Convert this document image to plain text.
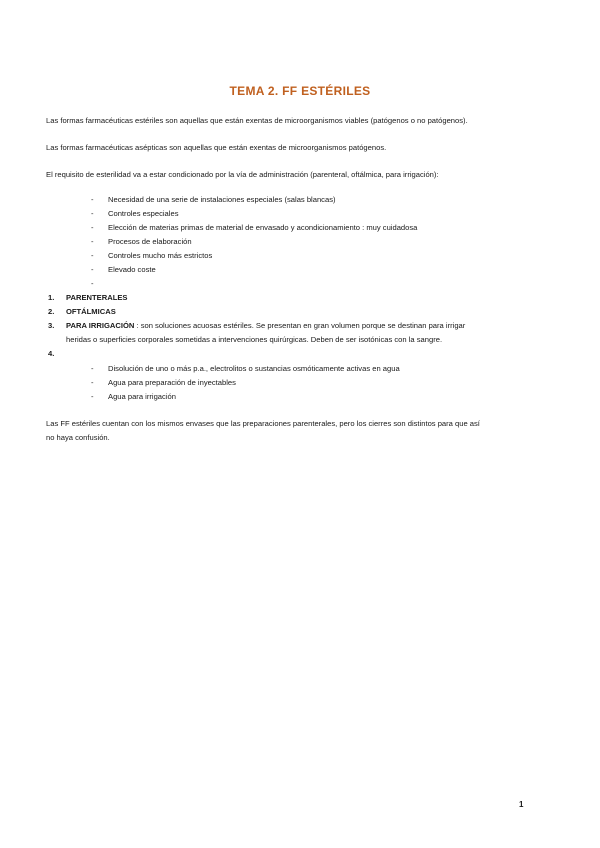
TEMA 2. FF ESTÉRILES
Las formas farmacéuticas estériles son aquellas que están exentas de microorganismos viables (patógenos o no patógenos).
Las formas farmacéuticas asépticas son aquellas que están exentas de microorganismos patógenos.
El requisito de esterilidad va a estar condicionado por la vía de administración (parenteral, oftálmica, para irrigación):
- Necesidad de una serie de instalaciones especiales (salas blancas)
- Controles especiales
- Elección de materias primas de material de envasado y acondicionamiento : muy cuidadosa
- Procesos de elaboración
- Controles mucho más estrictos
- Elevado coste
-
1. PARENTERALES
2. OFTÁLMICAS
3. PARA IRRIGACIÓN : son soluciones acuosas estériles. Se presentan en gran volumen porque se destinan para irrigar
heridas o superficies corporales sometidas a intervenciones quirúrgicas. Deben de ser isotónicas con la sangre.
4.
- Disolución de uno o más p.a., electrolitos o sustancias osmóticamente activas en agua
- Agua para preparación de inyectables
- Agua para irrigación
Las FF estériles cuentan con los mismos envases que las preparaciones parenterales, pero los cierres son distintos para que así
no haya confusión.
1
